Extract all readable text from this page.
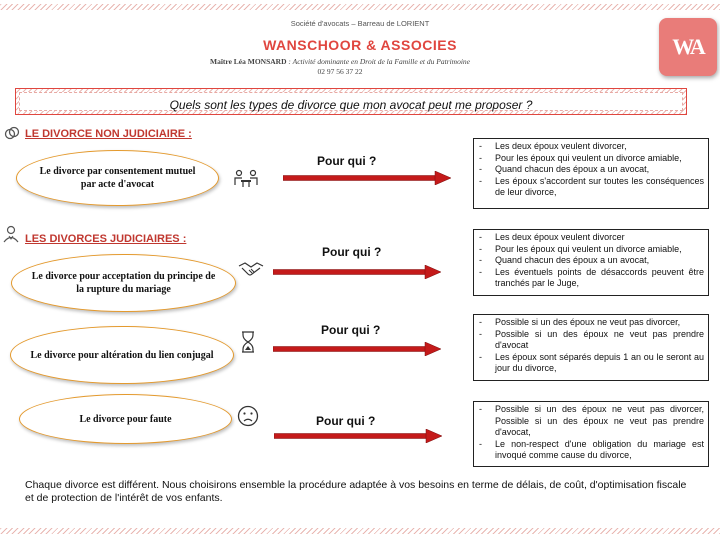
Société d'avocats – Barreau de LORIENT
WANSCHOOR & ASSOCIES
Maître Léa MONSARD : Activité dominante en Droit de la Famille et du Patrimoine
02 97 56 37 22
WA
Quels sont les types de divorce que mon avocat peut me proposer ?
LE DIVORCE NON JUDICIAIRE :
Le divorce par consentement mutuel par acte d'avocat
Pour qui ?
- Les deux époux veulent divorcer,
- Pour les époux qui veulent un divorce amiable,
- Quand chacun des époux a un avocat,
- Les époux s'accordent sur toutes les conséquences de leur divorce,
LES DIVORCES JUDICIAIRES :
Le divorce pour acceptation du principe de la rupture du mariage
Pour qui ?
- Les deux époux veulent divorcer
- Pour les époux qui veulent un divorce amiable,
- Quand chacun des époux a un avocat,
- Les éventuels points de désaccords peuvent être tranchés par le Juge,
Le divorce pour altération du lien conjugal
Pour qui ?
- Possible si un des époux ne veut pas divorcer,
- Possible si un des époux ne veut pas prendre d'avocat
- Les époux sont séparés depuis 1 an ou le seront au jour du divorce,
Le divorce pour faute	Pour qui ?
- Possible si un des époux ne veut pas divorcer, Possible si un des époux ne veut pas prendre d'avocat,
- Le non-respect d'une obligation du mariage est invoqué comme cause du divorce,
Chaque divorce est différent. Nous choisirons ensemble la procédure adaptée à vos besoins en terme de délais, de coût, d'optimisation fiscale et de protection de l'intérêt de vos enfants.
